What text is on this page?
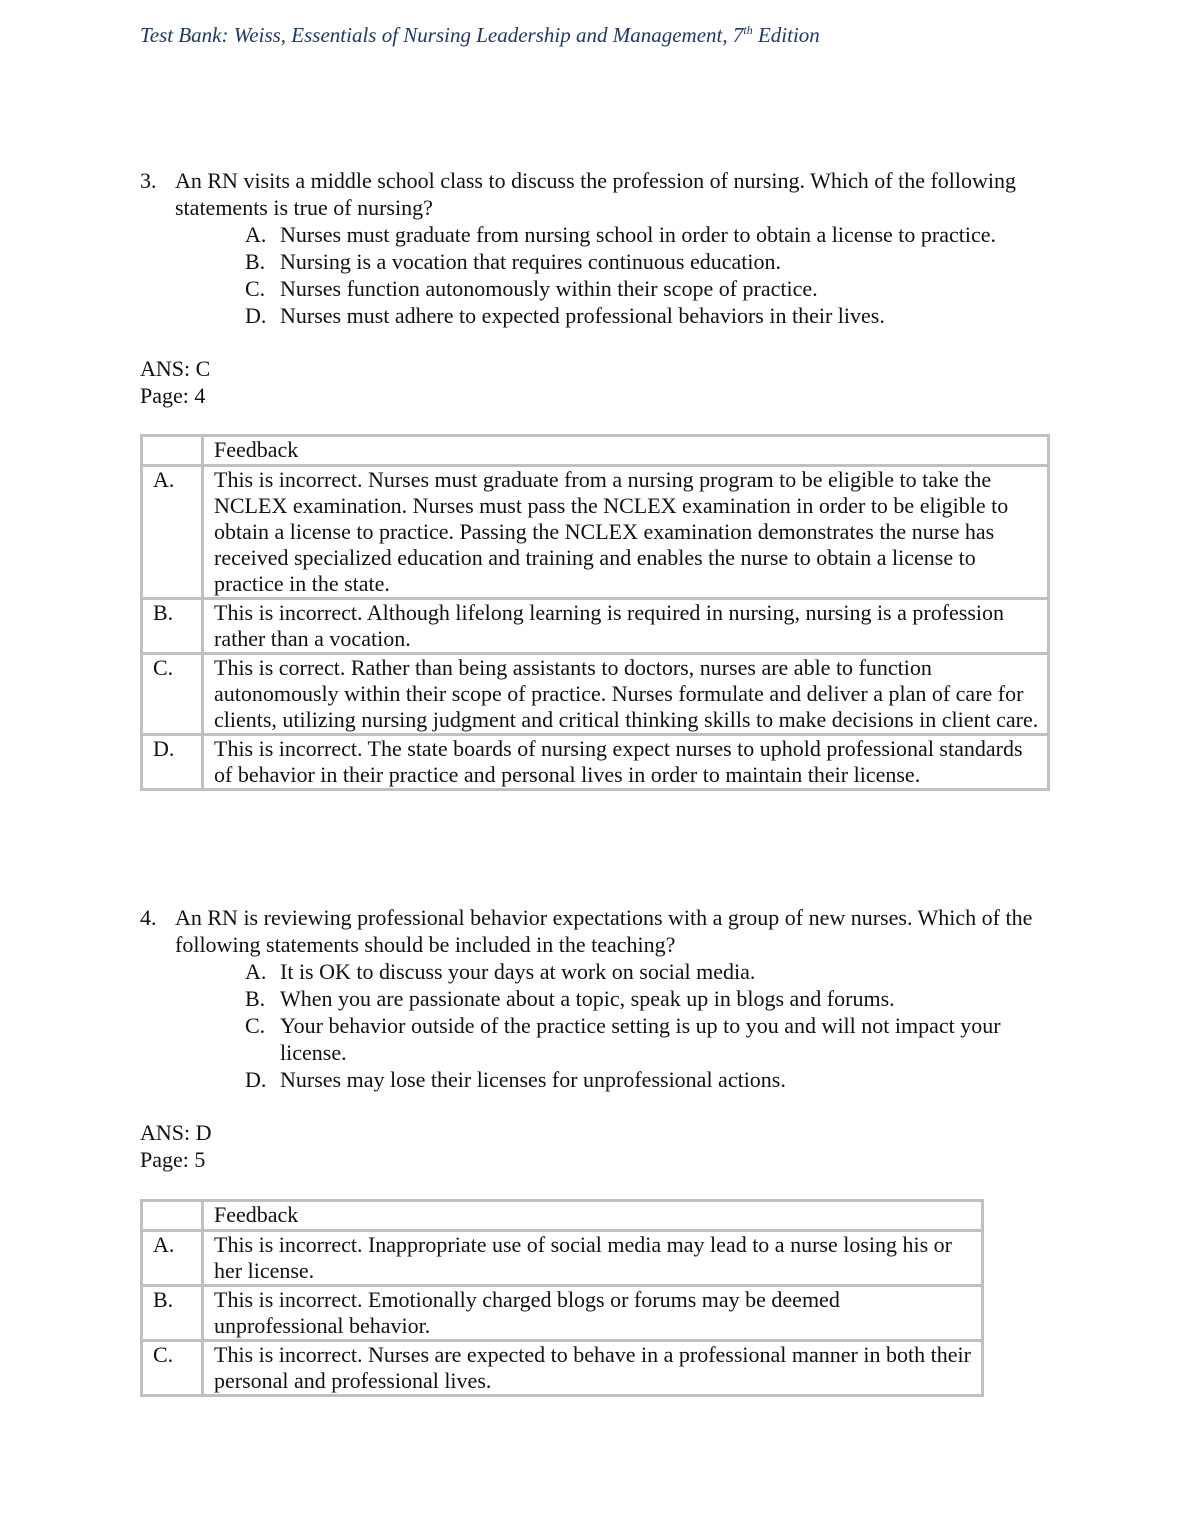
Test Bank: Weiss, Essentials of Nursing Leadership and Management, 7th Edition
3. An RN visits a middle school class to discuss the profession of nursing. Which of the following statements is true of nursing?
A. Nurses must graduate from nursing school in order to obtain a license to practice.
B. Nursing is a vocation that requires continuous education.
C. Nurses function autonomously within their scope of practice.
D. Nurses must adhere to expected professional behaviors in their lives.
ANS: C
Page: 4
	Feedback
A.	This is incorrect. Nurses must graduate from a nursing program to be eligible to take the NCLEX examination. Nurses must pass the NCLEX examination in order to be eligible to obtain a license to practice. Passing the NCLEX examination demonstrates the nurse has received specialized education and training and enables the nurse to obtain a license to practice in the state.
B.	This is incorrect. Although lifelong learning is required in nursing, nursing is a profession rather than a vocation.
C.	This is correct. Rather than being assistants to doctors, nurses are able to function autonomously within their scope of practice. Nurses formulate and deliver a plan of care for clients, utilizing nursing judgment and critical thinking skills to make decisions in client care.
D.	This is incorrect. The state boards of nursing expect nurses to uphold professional standards of behavior in their practice and personal lives in order to maintain their license.
4. An RN is reviewing professional behavior expectations with a group of new nurses. Which of the following statements should be included in the teaching?
A. It is OK to discuss your days at work on social media.
B. When you are passionate about a topic, speak up in blogs and forums.
C. Your behavior outside of the practice setting is up to you and will not impact your license.
D. Nurses may lose their licenses for unprofessional actions.
ANS: D
Page: 5
	Feedback
A.	This is incorrect. Inappropriate use of social media may lead to a nurse losing his or her license.
B.	This is incorrect. Emotionally charged blogs or forums may be deemed unprofessional behavior.
C.	This is incorrect. Nurses are expected to behave in a professional manner in both their personal and professional lives.
